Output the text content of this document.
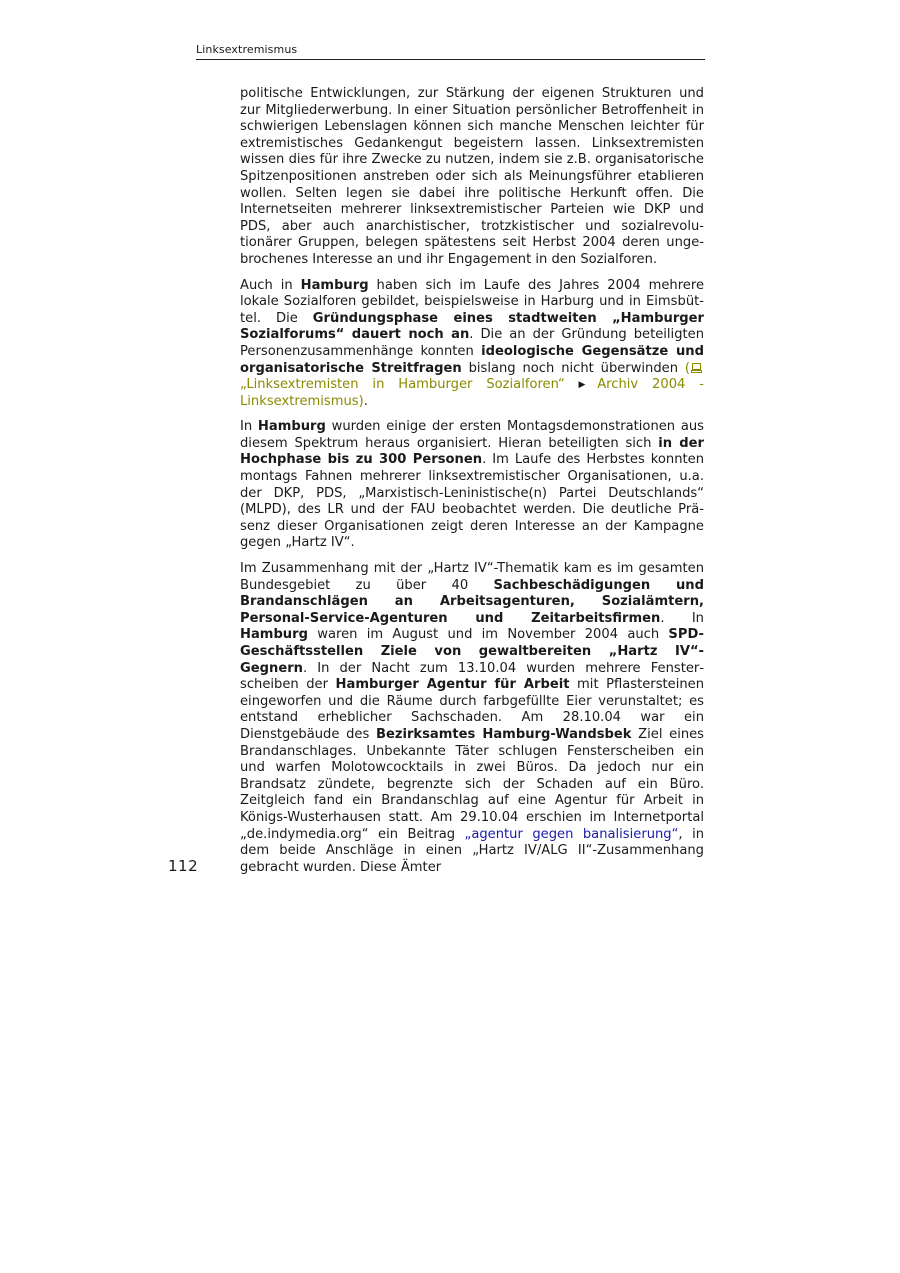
Linksextremismus

politische Entwicklungen, zur Stärkung der eigenen Strukturen und zur Mitgliederwerbung. In einer Situation persönlicher Betroffenheit in schwierigen Lebenslagen können sich manche Menschen leichter für extremistisches Gedankengut begeistern lassen. Linksextremisten wissen dies für ihre Zwecke zu nutzen, indem sie z.B. organisatorische Spitzenpositionen anstreben oder sich als Meinungsführer etablieren wollen. Selten legen sie dabei ihre politische Herkunft offen. Die Internetseiten mehrerer linksextremistischer Parteien wie DKP und PDS, aber auch anarchistischer, trotzkistischer und sozialrevolutionärer Gruppen, belegen spätestens seit Herbst 2004 deren ungebrochenes Interesse an und ihr Engagement in den Sozialforen.

Auch in Hamburg haben sich im Laufe des Jahres 2004 mehrere lokale Sozialforen gebildet, beispielsweise in Harburg und in Eimsbüttel. Die Gründungsphase eines stadtweiten „Hamburger Sozialforums“ dauert noch an. Die an der Gründung beteiligten Personenzusammenhänge konnten ideologische Gegensätze und organisatorische Streitfragen bislang noch nicht überwinden („Linksextremisten in Hamburger Sozialforen“ ▶ Archiv 2004 - Linksextremismus).

In Hamburg wurden einige der ersten Montagsdemonstrationen aus diesem Spektrum heraus organisiert. Hieran beteiligten sich in der Hochphase bis zu 300 Personen. Im Laufe des Herbstes konnten montags Fahnen mehrerer linksextremistischer Organisationen, u.a. der DKP, PDS, „Marxistisch-Leninistische(n) Partei Deutschlands“ (MLPD), des LR und der FAU beobachtet werden. Die deutliche Präsenz dieser Organisationen zeigt deren Interesse an der Kampagne gegen „Hartz IV“.

Im Zusammenhang mit der „Hartz IV“-Thematik kam es im gesamten Bundesgebiet zu über 40 Sachbeschädigungen und Brandanschlägen an Arbeitsagenturen, Sozialämtern, Personal-Service-Agenturen und Zeitarbeitsfirmen. In Hamburg waren im August und im November 2004 auch SPD-Geschäftsstellen Ziele von gewaltbereiten „Hartz IV“-Gegnern. In der Nacht zum 13.10.04 wurden mehrere Fensterscheiben der Hamburger Agentur für Arbeit mit Pflastersteinen eingeworfen und die Räume durch farbgefüllte Eier verunstaltet; es entstand erheblicher Sachschaden. Am 28.10.04 war ein Dienstgebäude des Bezirksamtes Hamburg-Wandsbek Ziel eines Brandanschlages. Unbekannte Täter schlugen Fensterscheiben ein und warfen Molotowcocktails in zwei Büros. Da jedoch nur ein Brandsatz zündete, begrenzte sich der Schaden auf ein Büro. Zeitgleich fand ein Brandanschlag auf eine Agentur für Arbeit in Königs-Wusterhausen statt. Am 29.10.04 erschien im Internetportal „de.indymedia.org“ ein Beitrag „agentur gegen banalisierung“, in dem beide Anschläge in einen „Hartz IV/ALG II“-Zusammenhang gebracht wurden. Diese Ämter

112
